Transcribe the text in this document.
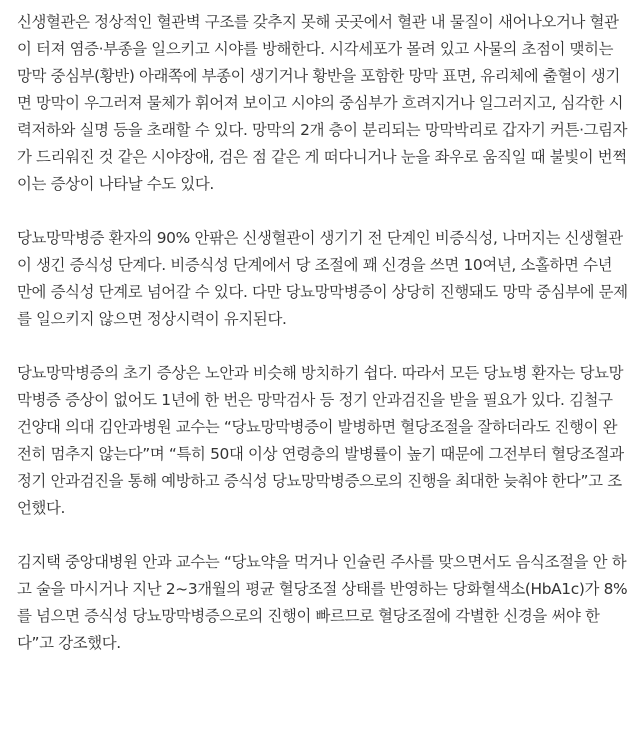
신생혈관은 정상적인 혈관벽 구조를 갖추지 못해 곳곳에서 혈관 내 물질이 새어나오거나 혈관이 터져 염증·부종을 일으키고 시야를 방해한다. 시각세포가 몰려 있고 사물의 초점이 맺히는 망막 중심부(황반) 아래쪽에 부종이 생기거나 황반을 포함한 망막 표면, 유리체에 출혈이 생기면 망막이 우그러져 물체가 휘어져 보이고 시야의 중심부가 흐려지거나 일그러지고, 심각한 시력저하와 실명 등을 초래할 수 있다. 망막의 2개 층이 분리되는 망막박리로 갑자기 커튼·그림자가 드리워진 것 같은 시야장애, 검은 점 같은 게 떠다니거나 눈을 좌우로 움직일 때 불빛이 번쩍이는 증상이 나타날 수도 있다.

당뇨망막병증 환자의 90% 안팎은 신생혈관이 생기기 전 단계인 비증식성, 나머지는 신생혈관이 생긴 증식성 단계다. 비증식성 단계에서 당 조절에 꽤 신경을 쓰면 10여년, 소홀하면 수년 만에 증식성 단계로 넘어갈 수 있다. 다만 당뇨망막병증이 상당히 진행돼도 망막 중심부에 문제를 일으키지 않으면 정상시력이 유지된다.

당뇨망막병증의 초기 증상은 노안과 비슷해 방치하기 쉽다. 따라서 모든 당뇨병 환자는 당뇨망막병증 증상이 없어도 1년에 한 번은 망막검사 등 정기 안과검진을 받을 필요가 있다. 김철구 건양대 의대 김안과병원 교수는 “당뇨망막병증이 발병하면 혈당조절을 잘하더라도 진행이 완전히 멈추지 않는다”며 “특히 50대 이상 연령층의 발병률이 높기 때문에 그전부터 혈당조절과 정기 안과검진을 통해 예방하고 증식성 당뇨망막병증으로의 진행을 최대한 늦춰야 한다”고 조언했다.

김지택 중앙대병원 안과 교수는 “당뇨약을 먹거나 인슐린 주사를 맞으면서도 음식조절을 안 하고 술을 마시거나 지난 2~3개월의 평균 혈당조절 상태를 반영하는 당화혈색소(HbA1c)가 8%를 넘으면 증식성 당뇨망막병증으로의 진행이 빠르므로 혈당조절에 각별한 신경을 써야 한다”고 강조했다.
